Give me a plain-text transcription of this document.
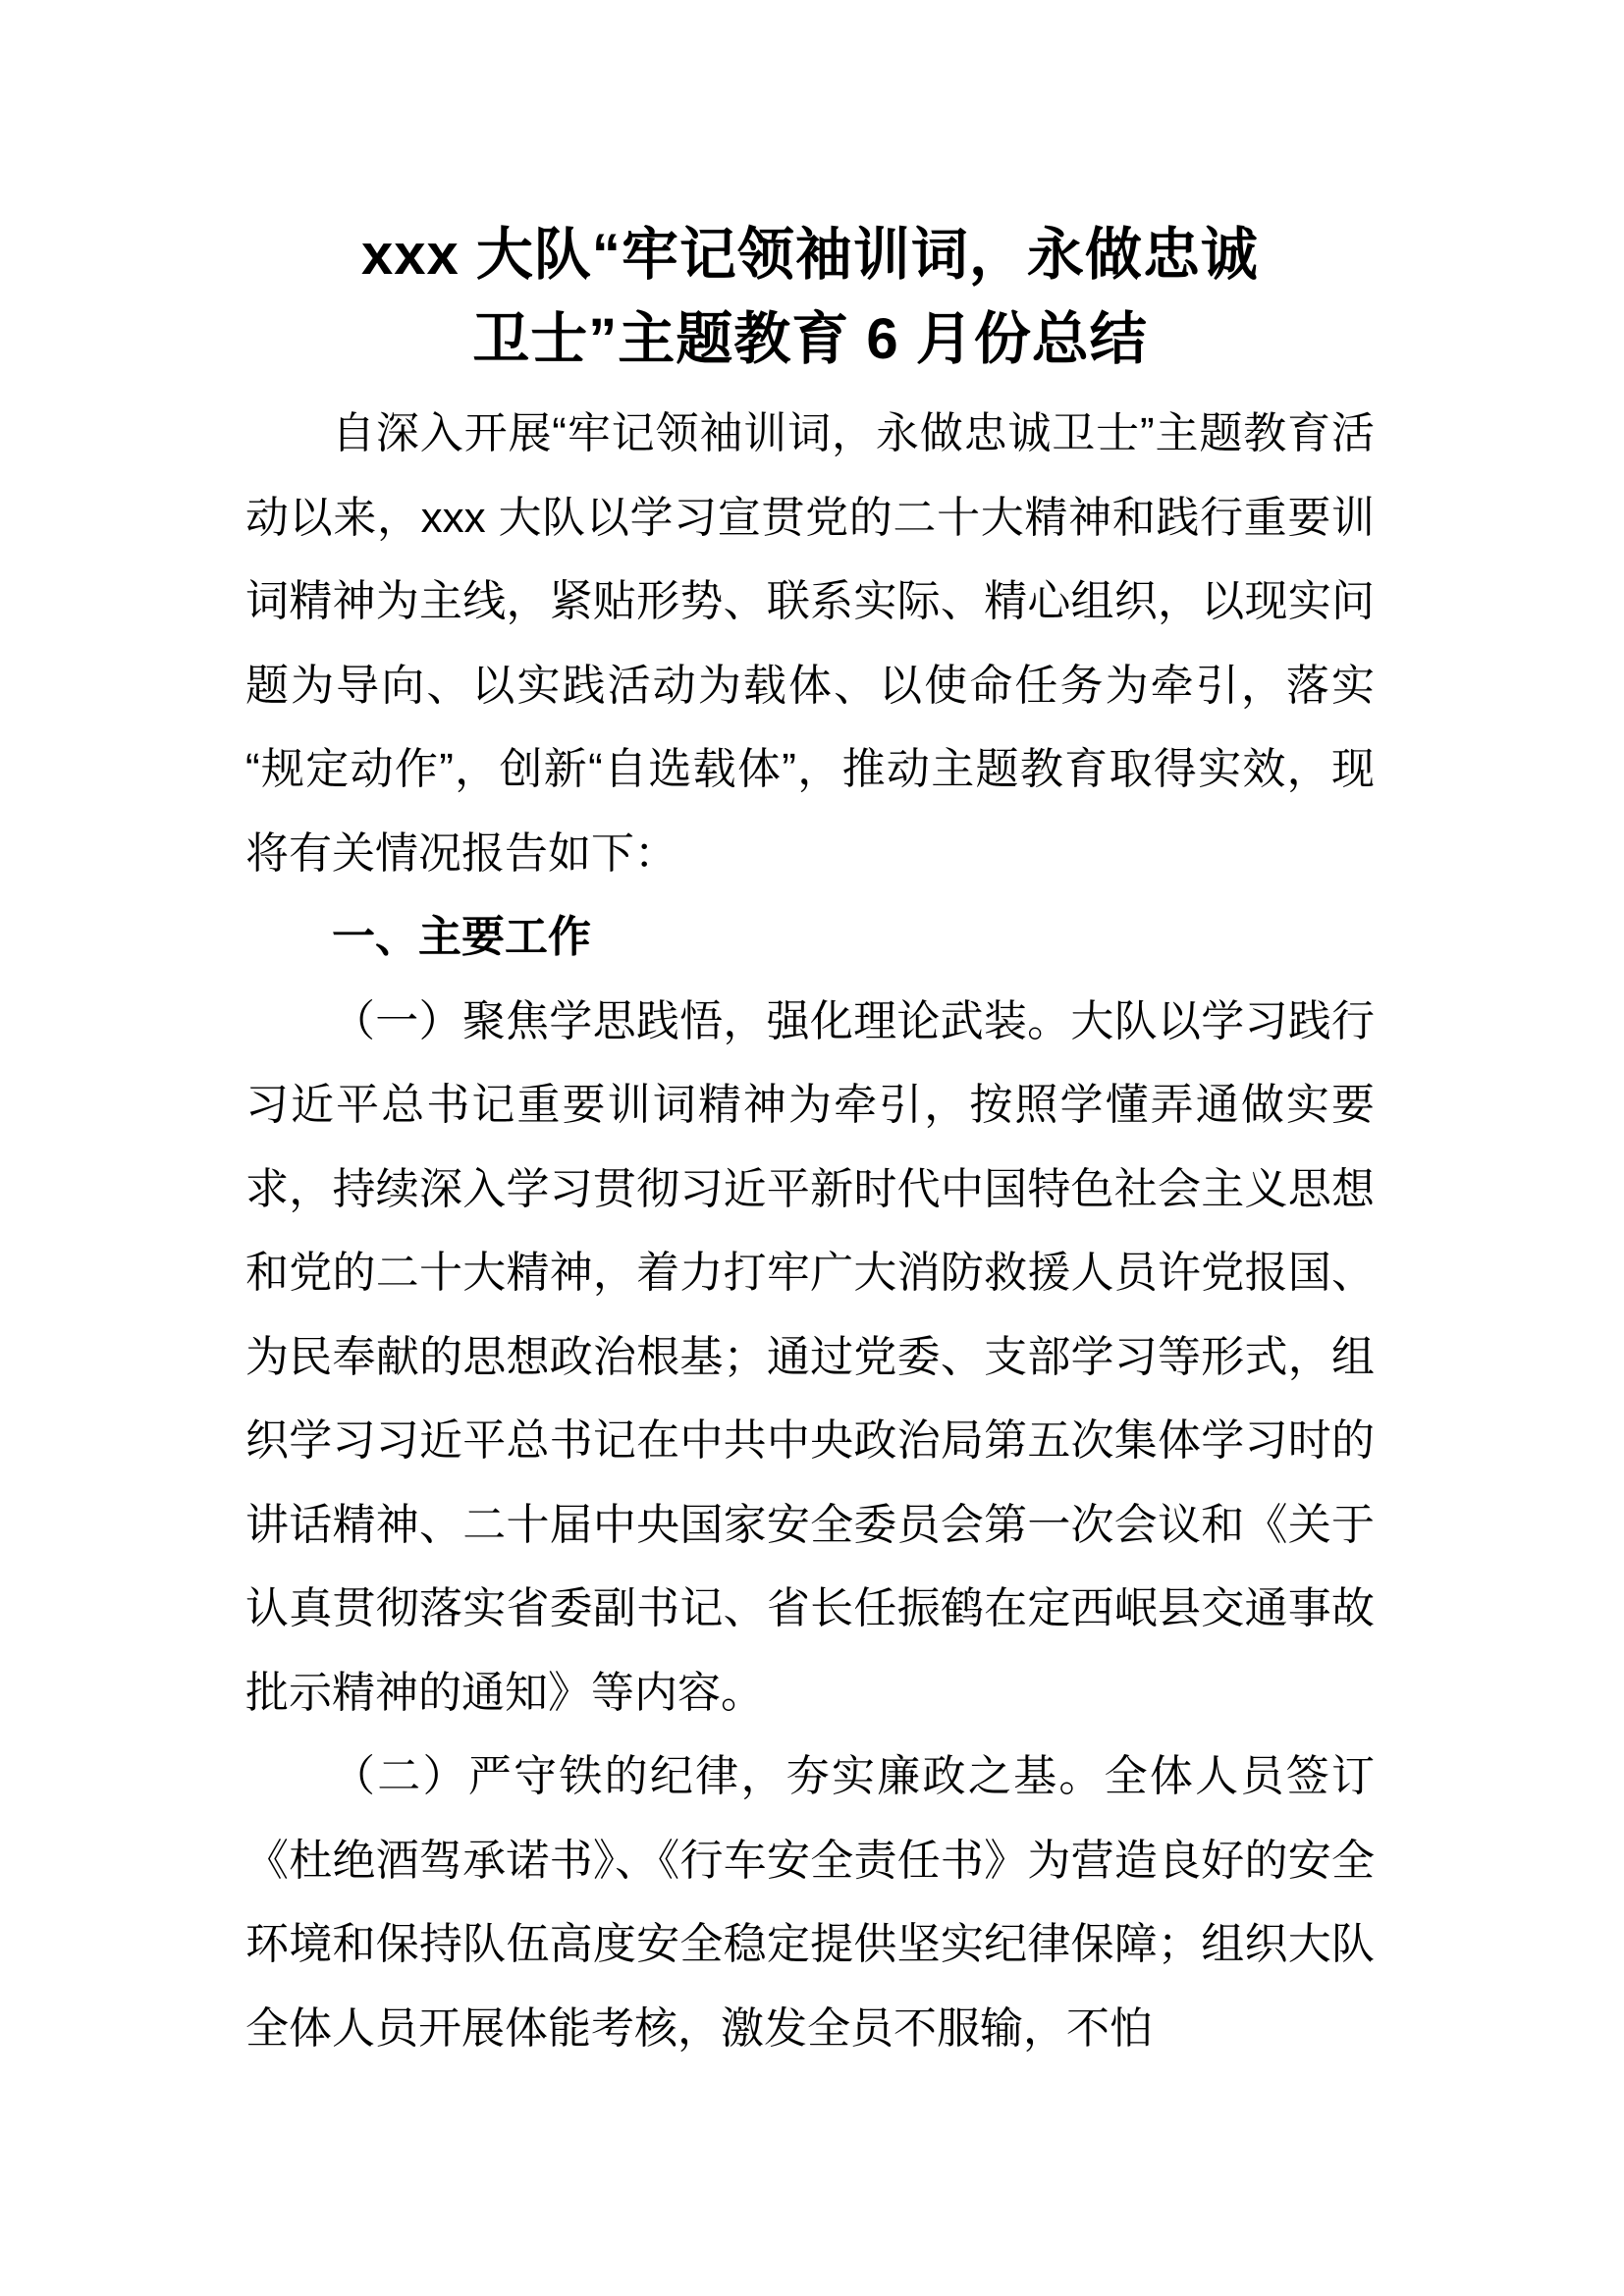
xxx 大队“牢记领袖训词，永做忠诚
卫士”主题教育 6 月份总结

自深入开展“牢记领袖训词，永做忠诚卫士”主题教育活动以来，xxx 大队以学习宣贯党的二十大精神和践行重要训词精神为主线，紧贴形势、联系实际、精心组织，以现实问题为导向、以实践活动为载体、以使命任务为牵引，落实“规定动作”，创新“自选载体”，推动主题教育取得实效，现将有关情况报告如下：

一、主要工作

（一）聚焦学思践悟，强化理论武装。大队以学习践行习近平总书记重要训词精神为牵引，按照学懂弄通做实要求，持续深入学习贯彻习近平新时代中国特色社会主义思想和党的二十大精神，着力打牢广大消防救援人员许党报国、为民奉献的思想政治根基；通过党委、支部学习等形式，组织学习习近平总书记在中共中央政治局第五次集体学习时的讲话精神、二十届中央国家安全委员会第一次会议和《关于认真贯彻落实省委副书记、省长任振鹤在定西岷县交通事故批示精神的通知》等内容。

（二）严守铁的纪律，夯实廉政之基。全体人员签订《杜绝酒驾承诺书》、《行车安全责任书》为营造良好的安全环境和保持队伍高度安全稳定提供坚实纪律保障；组织大队全体人员开展体能考核，激发全员不服输，不怕
